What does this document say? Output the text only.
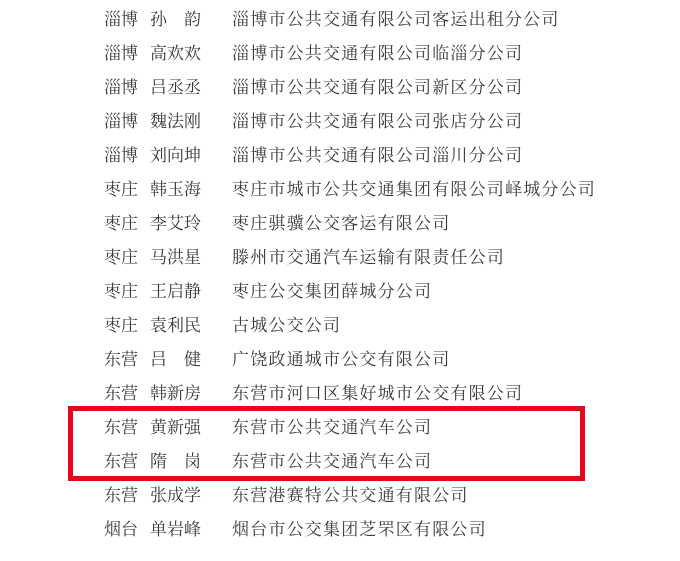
淄博 孙　韵	淄博市公共交通有限公司客运出租分公司
淄博 高欢欢	淄博市公共交通有限公司临淄分公司
淄博 吕丞丞	淄博市公共交通有限公司新区分公司
淄博 魏法刚	淄博市公共交通有限公司张店分公司
淄博 刘向坤	淄博市公共交通有限公司淄川分公司
枣庄 韩玉海	枣庄市城市公共交通集团有限公司峄城分公司
枣庄 李艾玲	枣庄骐骥公交客运有限公司
枣庄 马洪星	滕州市交通汽车运输有限责任公司
枣庄 王启静	枣庄公交集团薛城分公司
枣庄 袁利民	古城公交公司
东营 吕　健	广饶政通城市公交有限公司
东营 韩新房	东营市河口区集好城市公交有限公司
东营 黄新强	东营市公共交通汽车公司
东营 隋　岗	东营市公共交通汽车公司
东营 张成学	东营港赛特公共交通有限公司
烟台 单岩峰	烟台市公交集团芝罘区有限公司
